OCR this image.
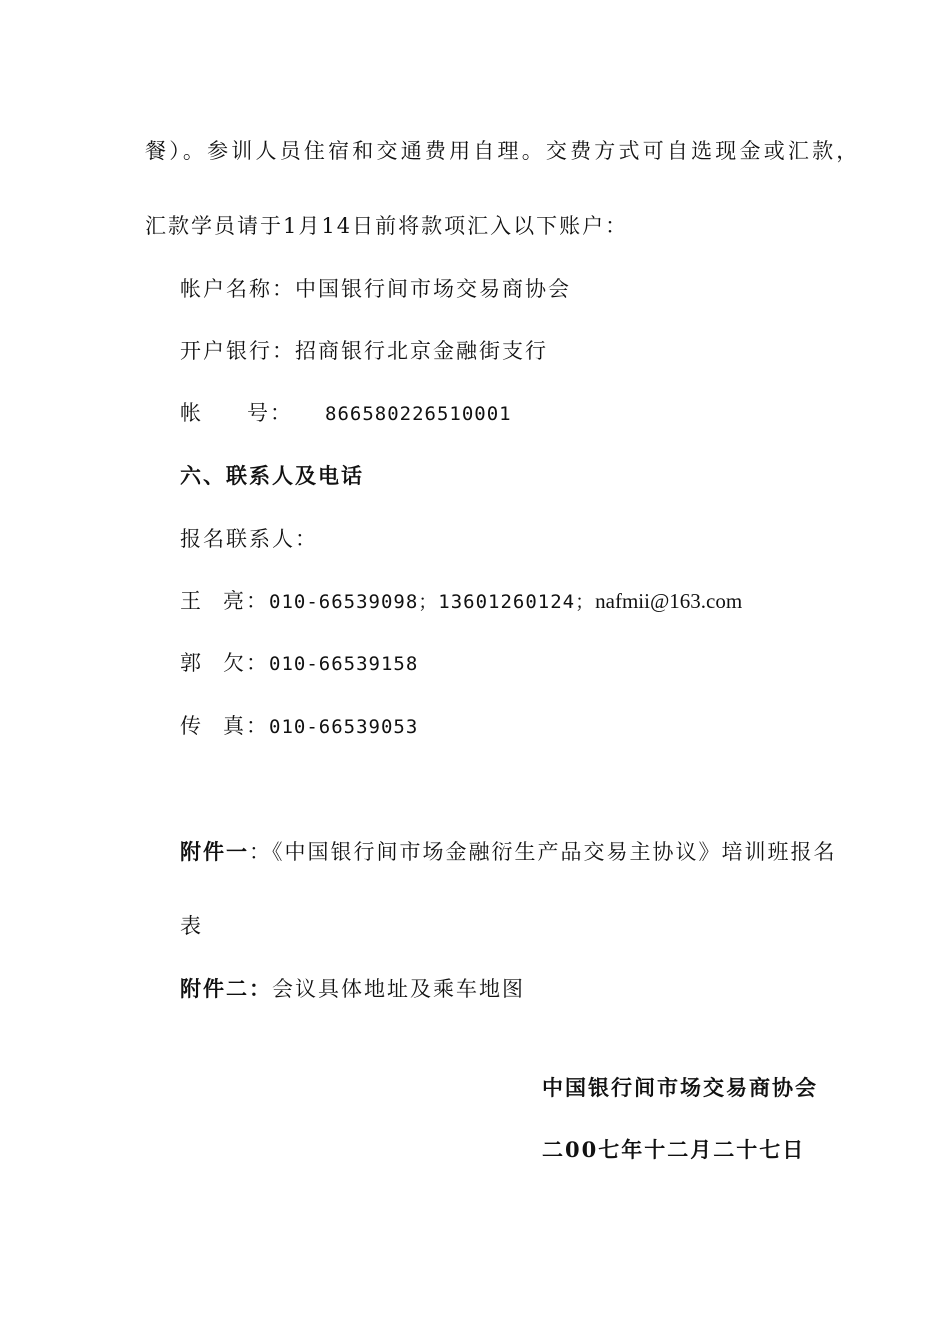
餐）。参训人员住宿和交通费用自理。交费方式可自选现金或汇款，
汇款学员请于1月14日前将款项汇入以下账户：
帐户名称：中国银行间市场交易商协会
开户银行：招商银行北京金融街支行
帐 号： 866580226510001
六、联系人及电话
报名联系人：
王 亮：010-66539098；13601260124；nafmii@163.com
郭 欠：010-66539158
传 真：010-66539053
附件一：《中国银行间市场金融衍生产品交易主协议》培训班报名
表
附件二：会议具体地址及乘车地图
中国银行间市场交易商协会
二00七年十二月二十七日
